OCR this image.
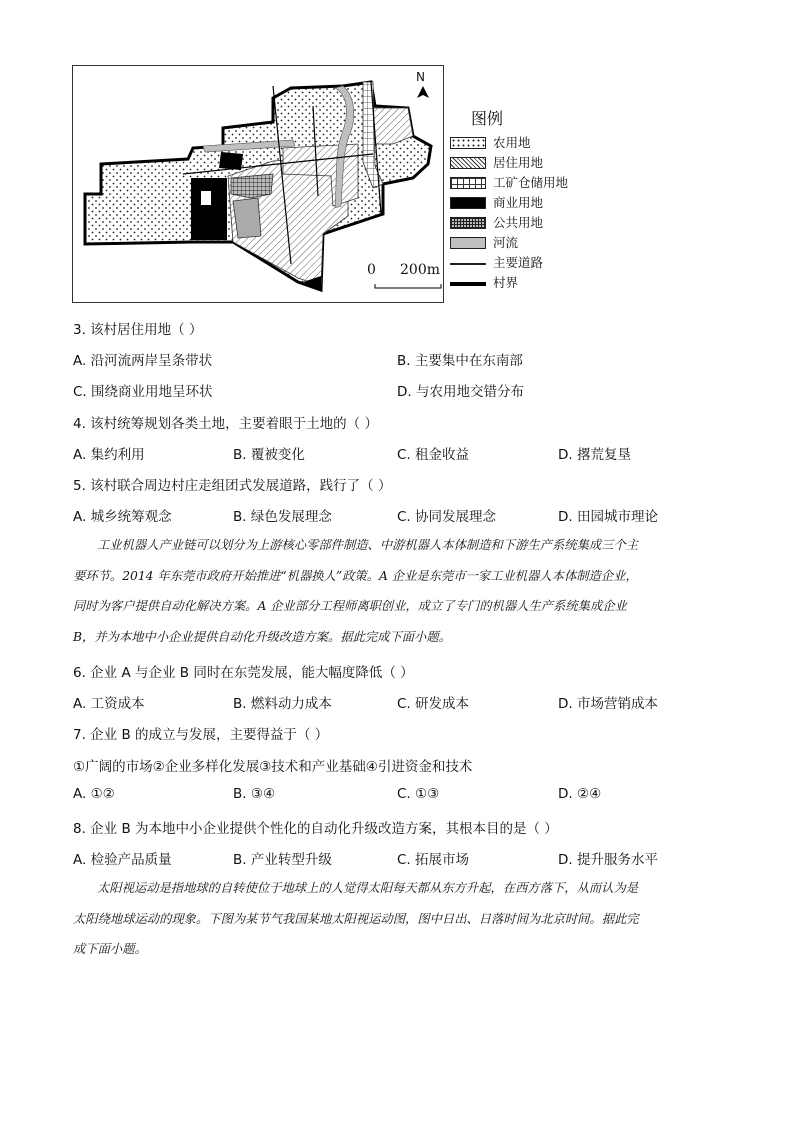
N
0 200m
图例
农用地
居住用地
工矿仓储用地
商业用地
公共用地
河流
主要道路
村界
3. 该村居住用地（ ）
A. 沿河流两岸呈条带状	B. 主要集中在东南部
C. 围绕商业用地呈环状	D. 与农用地交错分布
4. 该村统筹规划各类土地，主要着眼于土地的（ ）
A. 集约利用	B. 覆被变化	C. 租金收益	D. 撂荒复垦
5. 该村联合周边村庄走组团式发展道路，践行了（ ）
A. 城乡统筹观念	B. 绿色发展理念	C. 协同发展理念	D. 田园城市理论
工业机器人产业链可以划分为上游核心零部件制造、中游机器人本体制造和下游生产系统集成三个主
要环节。2014 年东莞市政府开始推进“机器换人”政策。A 企业是东莞市一家工业机器人本体制造企业，
同时为客户提供自动化解决方案。A 企业部分工程师离职创业，成立了专门的机器人生产系统集成企业
B，并为本地中小企业提供自动化升级改造方案。据此完成下面小题。
6. 企业 A 与企业 B 同时在东莞发展，能大幅度降低（ ）
A. 工资成本	B. 燃料动力成本	C. 研发成本	D. 市场营销成本
7. 企业 B 的成立与发展，主要得益于（ ）
①广阔的市场②企业多样化发展③技术和产业基础④引进资金和技术
A. ①②	B. ③④	C. ①③	D. ②④
8. 企业 B 为本地中小企业提供个性化的自动化升级改造方案，其根本目的是（ ）
A. 检验产品质量	B. 产业转型升级	C. 拓展市场	D. 提升服务水平
太阳视运动是指地球的自转使位于地球上的人觉得太阳每天都从东方升起，在西方落下，从而认为是
太阳绕地球运动的现象。下图为某节气我国某地太阳视运动图，图中日出、日落时间为北京时间。据此完
成下面小题。
